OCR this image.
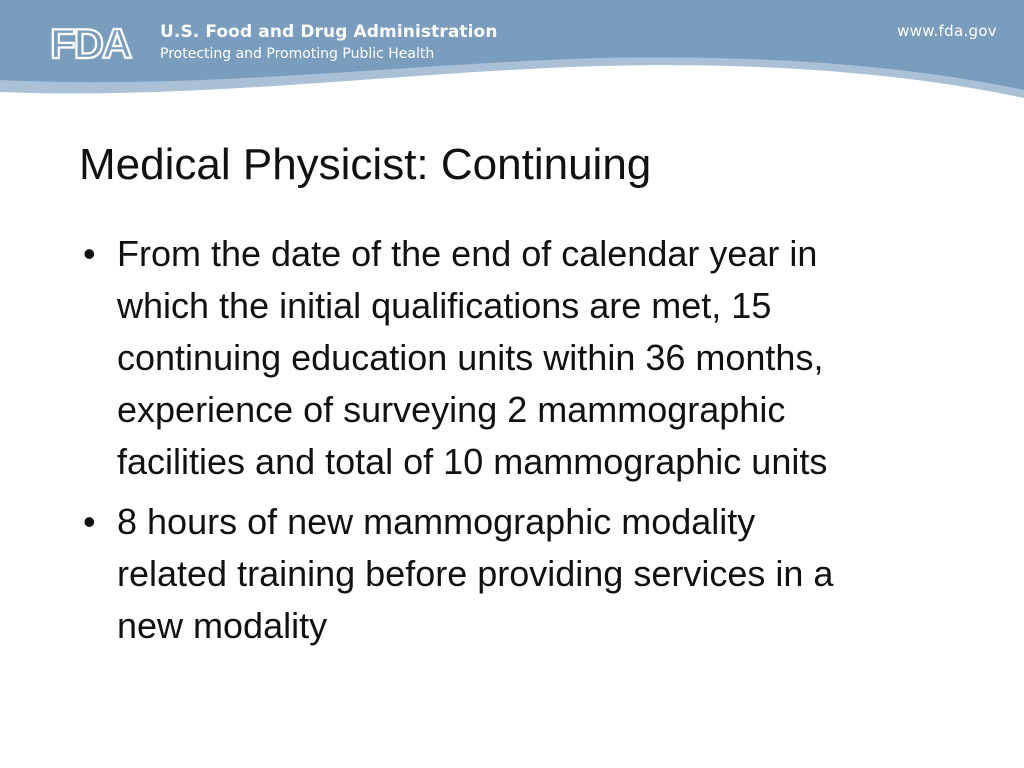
FDA U.S. Food and Drug Administration
Protecting and Promoting Public Health
www.fda.gov
Medical Physicist: Continuing
• From the date of the end of calendar year in
which the initial qualifications are met, 15
continuing education units within 36 months,
experience of surveying 2 mammographic
facilities and total of 10 mammographic units
• 8 hours of new mammographic modality
related training before providing services in a
new modality
